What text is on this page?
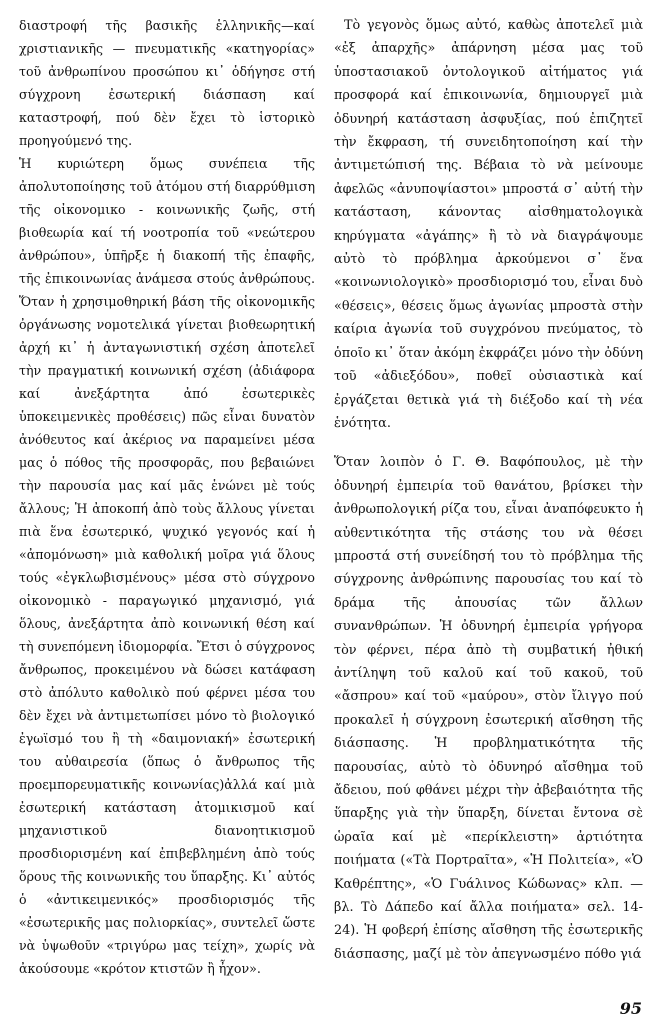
διαστροφή τῆς βασικῆς ἑλληνικῆς—καί χριστιανικῆς — πνευματικῆς «κατηγορίας» τοῦ ἀνθρωπίνου προσώπου κι᾿ ὁδήγησε στή σύγχρονη ἐσωτερική διάσπαση καί καταστροφή, πού δὲν ἔχει τὸ ἱστορικὸ προηγούμενό της.

Ἡ κυριώτερη ὅμως συνέπεια τῆς ἀπολυτοποίησης τοῦ ἀτόμου στή διαρρύθμιση τῆς οἰκονομικο - κοινωνικῆς ζωῆς, στή βιοθεωρία καί τή νοοτροπία τοῦ «νεώτερου ἀνθρώπου», ὑπῆρξε ἡ διακοπή τῆς ἐπαφῆς, τῆς ἐπικοινωνίας ἀνάμεσα στούς ἀνθρώπους. Ὅταν ἡ χρησιμοθηρική βάση τῆς οἰκονομικῆς ὀργάνωσης νομοτελικά γίνεται βιοθεωρητική ἀρχή κι᾿ ἡ ἀνταγωνιστική σχέση ἀποτελεῖ τὴν πραγματική κοινωνική σχέση (ἀδιάφορα καί ἀνεξάρτητα ἀπό ἐσωτερικὲς ὑποκειμενικὲς προθέσεις) πῶς εἶναι δυνατὸν ἀνόθευτος καί ἀκέριος να παραμείνει μέσα μας ὁ πόθος τῆς προσφορᾶς, που βεβαιώνει τὴν παρουσία μας καί μᾶς ἑνώνει μὲ τούς ἄλλους; Ἡ ἀποκοπή ἀπὸ τοὺς ἄλλους γίνεται πιὰ ἕνα ἐσωτερικό, ψυχικό γεγονός καί ἡ «ἀπομόνωση» μιὰ καθολική μοῖρα γιά ὅλους τούς «ἐγκλωβισμένους» μέσα στὸ σύγχρονο οἰκονομικὸ - παραγωγικό μηχανισμό, γιά ὅλους, ἀνεξάρτητα ἀπὸ κοινωνική θέση καί τὴ συνεπόμενη ἰδιομορφία. Ἔτσι ὁ σύγχρονος ἄνθρωπος, προκειμένου νὰ δώσει κατάφαση στὸ ἀπόλυτο καθολικὸ πού φέρνει μέσα του δὲν ἔχει νὰ ἀντιμετωπίσει μόνο τὸ βιολογικό ἐγωϊσμό του ἢ τὴ «δαιμονιακή» ἐσωτερική του αὐθαιρεσία (ὅπως ὁ ἄνθρωπος τῆς προεμπορευματικῆς κοινωνίας)ἀλλά καί μιὰ ἐσωτερική κατάσταση ἀτομικισμοῦ καί μηχανιστικοῦ διανοητικισμοῦ προσδιορισμένη καί ἐπιβεβλημένη ἀπὸ τούς ὅρους τῆς κοινωνικῆς του ὕπαρξης. Κι᾿ αὐτός ὁ «ἀντικειμενικός» προσδιορισμός τῆς «ἐσωτερικῆς μας πολιορκίας», συντελεῖ ὥστε νὰ ὑψωθοῦν «τριγύρω μας τείχη», χωρίς νὰ ἀκούσουμε «κρότον κτιστῶν ἢ ἦχον».

Τὸ γεγονὸς ὅμως αὐτό, καθὼς ἀποτελεῖ μιὰ «ἐξ ἀπαρχῆς» ἀπάρνηση μέσα μας τοῦ ὑποστασιακοῦ ὀντολογικοῦ αἰτήματος γιά προσφορά καί ἐπικοινωνία, δημιουργεῖ μιὰ ὀδυνηρή κατάσταση ἀσφυξίας, πού ἐπιζητεῖ τὴν ἔκφραση, τή συνειδητοποίηση καί τὴν ἀντιμετώπισή της. Βέβαια τὸ νὰ μείνουμε ἀφελῶς «ἀνυποψίαστοι» μπροστά σ᾿ αὐτή τὴν κατάσταση, κάνοντας αἰσθηματολογικὰ κηρύγματα «ἀγάπης» ἢ τὸ νὰ διαγράψουμε αὐτὸ τὸ πρόβλημα ἀρκούμενοι σ᾿ ἕνα «κοινωνιολογικὸ» προσδιορισμό του, εἶναι δυὸ «θέσεις», θέσεις ὅμως ἀγωνίας μπροστὰ στὴν καίρια ἀγωνία τοῦ συγχρόνου πνεύματος, τὸ ὁποῖο κι᾿ ὅταν ἀκόμη ἐκφράζει μόνο τὴν ὀδύνη τοῦ «ἀδιεξόδου», ποθεῖ οὐσιαστικὰ καί ἐργάζεται θετικὰ γιά τὴ διέξοδο καί τὴ νέα ἑνότητα.

Ὅταν λοιπὸν ὁ Γ. Θ. Βαφόπουλος, μὲ τὴν ὀδυνηρή ἐμπειρία τοῦ θανάτου, βρίσκει τὴν ἀνθρωπολογική ρίζα του, εἶναι ἀναπόφευκτο ἡ αὐθεντικότητα τῆς στάσης του νὰ θέσει μπροστά στή συνείδησή του τὸ πρόβλημα τῆς σύγχρονης ἀνθρώπινης παρουσίας του καί τὸ δράμα τῆς ἀπουσίας τῶν ἄλλων συνανθρώπων. Ἡ ὀδυνηρή ἐμπειρία γρήγορα τὸν φέρνει, πέρα ἀπὸ τὴ συμβατική ἠθική ἀντίληψη τοῦ καλοῦ καί τοῦ κακοῦ, τοῦ «ἄσπρου» καί τοῦ «μαύρου», στὸν ἴλιγγο πού προκαλεῖ ἡ σύγχρονη ἐσωτερική αἴσθηση τῆς διάσπασης. Ἡ προβληματικότητα τῆς παρουσίας, αὐτὸ τὸ ὀδυνηρό αἴσθημα τοῦ ἄδειου, πού φθάνει μέχρι τὴν ἀβεβαιότητα τῆς ὕπαρξης γιὰ τὴν ὕπαρξη, δίνεται ἔντονα σὲ ὡραῖα καί μὲ «περίκλειστη» ἀρτιότητα ποιήματα («Τὰ Πορτραῖτα», «Ἡ Πολιτεία», «Ὁ Καθρέπτης», «Ὁ Γυάλινος Κώδωνας» κλπ. — βλ. Τὸ Δάπεδο καί ἄλλα ποιήματα» σελ. 14-24). Ἡ φοβερή ἐπίσης αἴσθηση τῆς ἐσωτερικῆς διάσπασης, μαζί μὲ τὸν ἀπεγνωσμένο πόθο γιά

95
